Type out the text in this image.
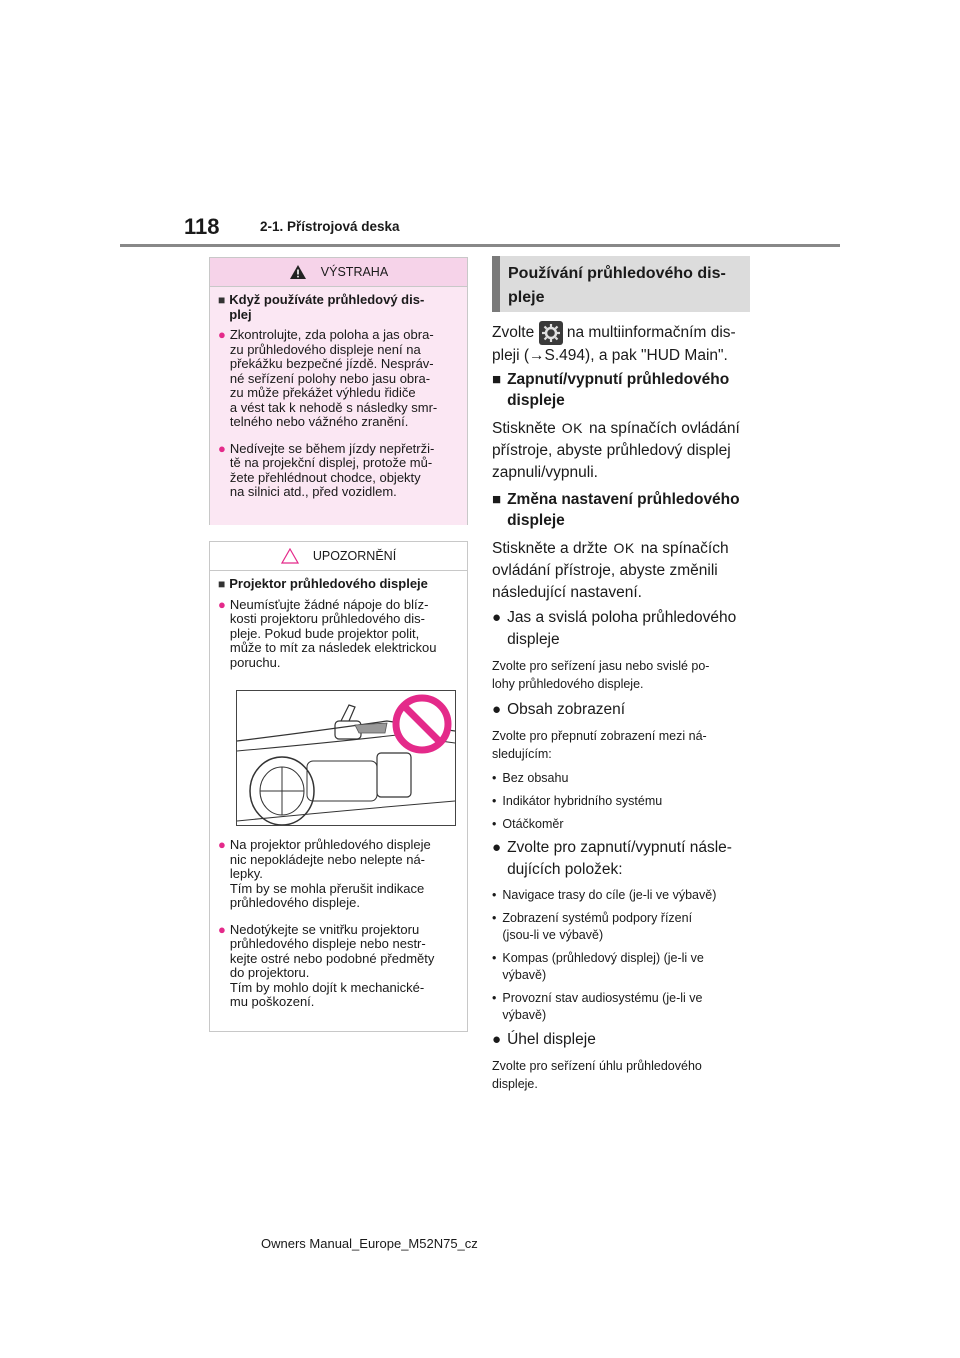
118	2-1. Přístrojová deska
VÝSTRAHA
■ Když používáte průhledový dis-
plej
● Zkontrolujte, zda poloha a jas obra-
zu průhledového displeje není na
překážku bezpečné jízdě. Nespráv-
né seřízení polohy nebo jasu obra-
zu může překážet výhledu řidiče
a vést tak k nehodě s následky smr-
telného nebo vážného zranění.
● Nedívejte se během jízdy nepřetrži-
tě na projekční displej, protože mů-
žete přehlédnout chodce, objekty
na silnici atd., před vozidlem.
UPOZORNĚNÍ
■ Projektor průhledového displeje
● Neumísťujte žádné nápoje do blíz-
kosti projektoru průhledového dis-
pleje. Pokud bude projektor polit,
může to mít za následek elektrickou
poruchu.
● Na projektor průhledového displeje
nic nepokládejte nebo nelepte ná-
lepky.
Tím by se mohla přerušit indikace
průhledového displeje.
● Nedotýkejte se vnitřku projektoru
průhledového displeje nebo nestr-
kejte ostré nebo podobné předměty
do projektoru.
Tím by mohlo dojít k mechanické-
mu poškození.
Používání průhledového dis-
pleje
Zvolte na multiinformačním dis-
pleji (→S.494), a pak "HUD Main".
■ Zapnutí/vypnutí průhledového
displeje
Stiskněte OK na spínačích ovládání
přístroje, abyste průhledový displej
zapnuli/vypnuli.
■ Změna nastavení průhledového
displeje
Stiskněte a držte OK na spínačích
ovládání přístroje, abyste změnili
následující nastavení.
● Jas a svislá poloha průhledového
displeje
Zvolte pro seřízení jasu nebo svislé po-
lohy průhledového displeje.
● Obsah zobrazení
Zvolte pro přepnutí zobrazení mezi ná-
sledujícím:
• Bez obsahu
• Indikátor hybridního systému
• Otáčkoměr
● Zvolte pro zapnutí/vypnutí násle-
dujících položek:
• Navigace trasy do cíle (je-li ve výbavě)
• Zobrazení systémů podpory řízení
(jsou-li ve výbavě)
• Kompas (průhledový displej) (je-li ve
výbavě)
• Provozní stav audiosystému (je-li ve
výbavě)
● Úhel displeje
Zvolte pro seřízení úhlu průhledového
displeje.
Owners Manual_Europe_M52N75_cz
